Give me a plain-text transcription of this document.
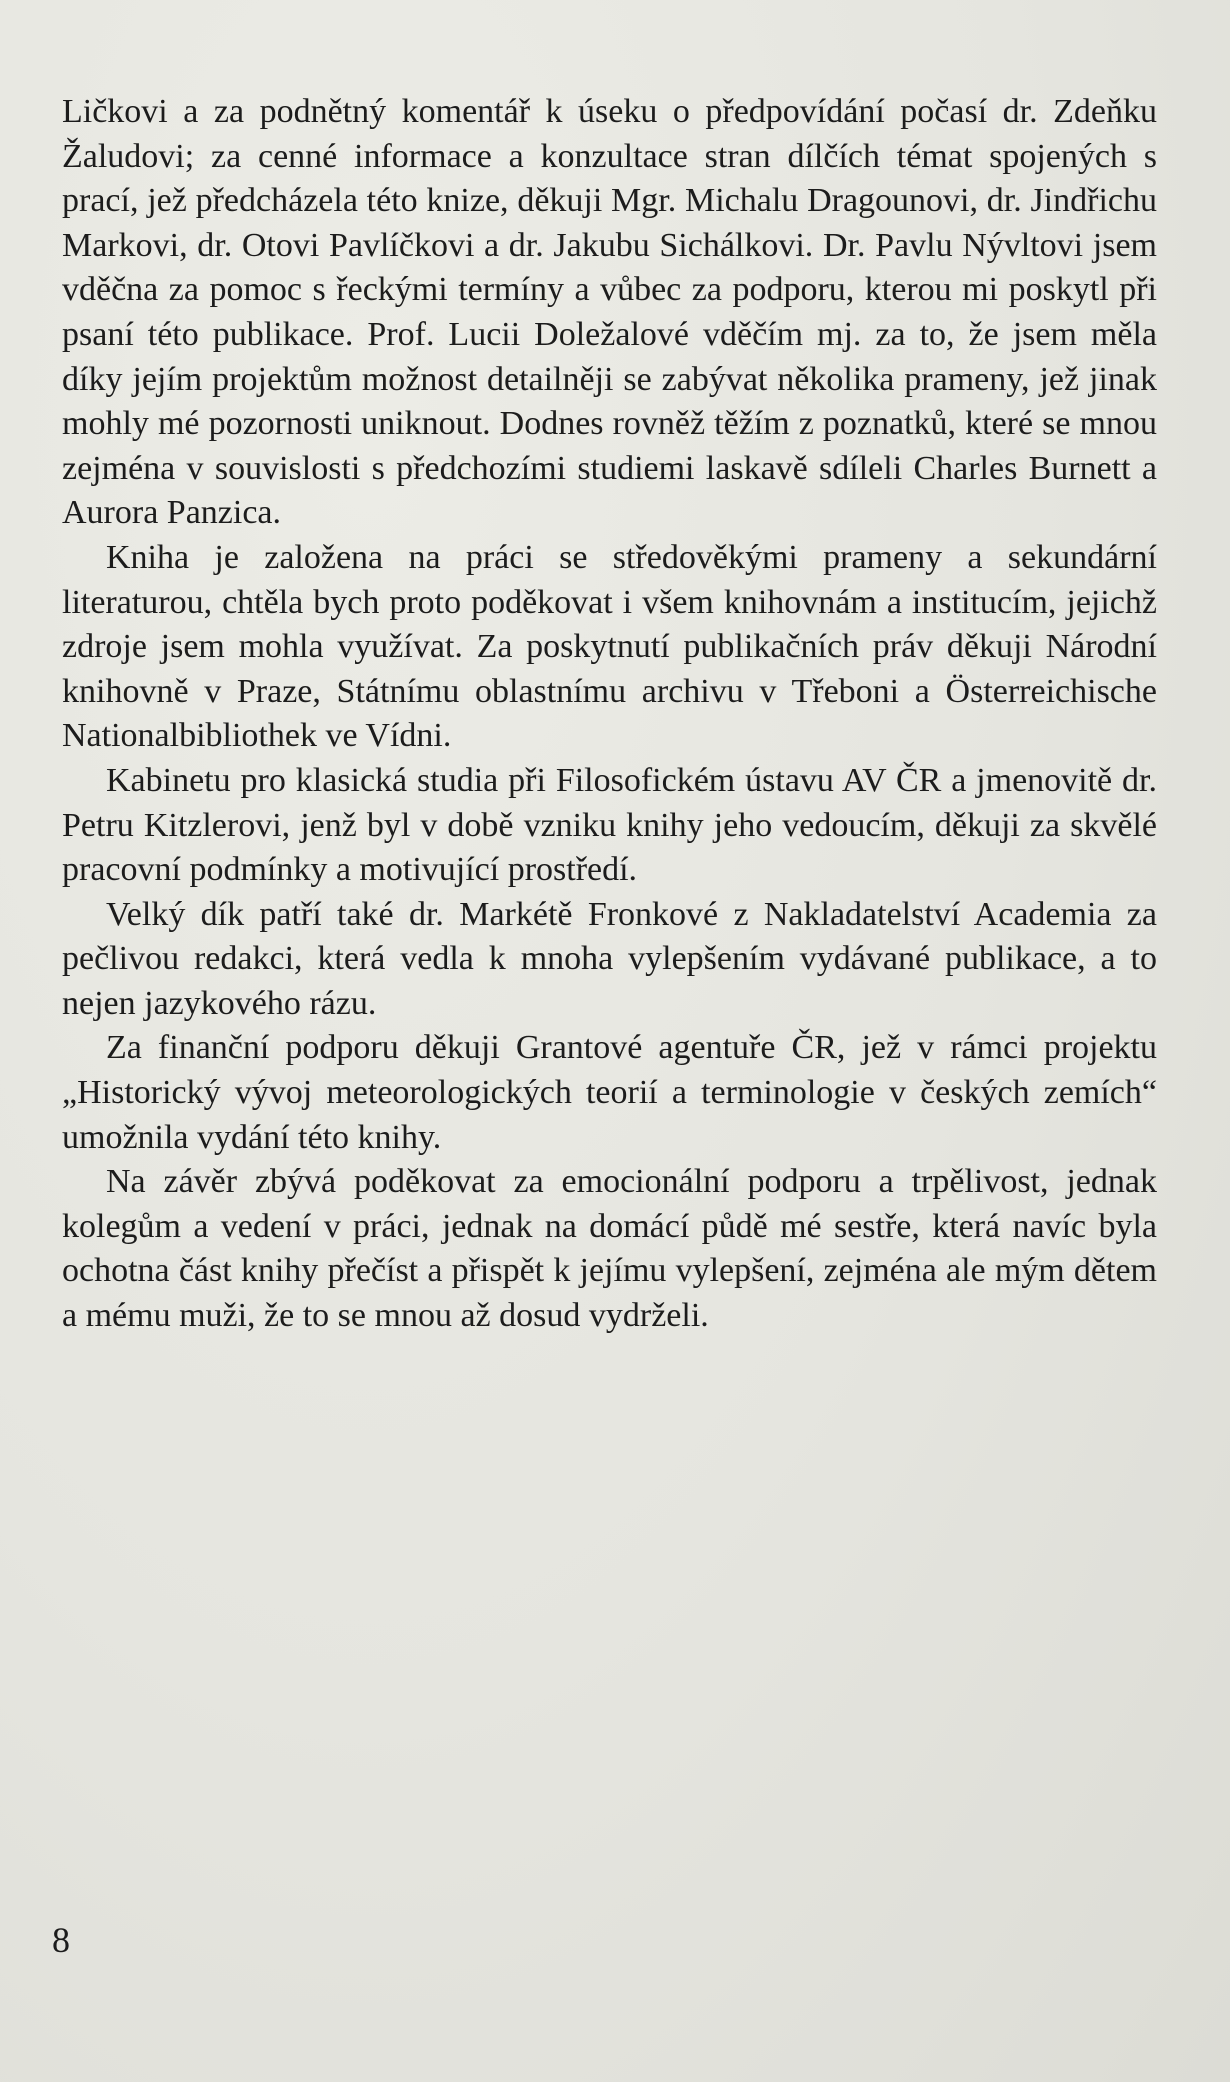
Ličkovi a za podnětný komentář k úseku o předpovídání počasí dr. Zdeňku Žaludovi; za cenné informace a konzultace stran dílčích témat spojených s prací, jež předcházela této knize, děkuji Mgr. Michalu Dragounovi, dr. Jindřichu Markovi, dr. Otovi Pavlíčkovi a dr. Jakubu Sichálkovi. Dr. Pavlu Nývltovi jsem vděčna za pomoc s řeckými termíny a vůbec za podporu, kterou mi poskytl při psaní této publikace. Prof. Lucii Doležalové vděčím mj. za to, že jsem měla díky jejím projektům možnost detailněji se zabývat několika prameny, jež jinak mohly mé pozornosti uniknout. Dodnes rovněž těžím z poznatků, které se mnou zejména v souvislosti s předchozími studiemi laskavě sdíleli Charles Burnett a Aurora Panzica.

Kniha je založena na práci se středověkými prameny a sekundární literaturou, chtěla bych proto poděkovat i všem knihovnám a institucím, jejichž zdroje jsem mohla využívat. Za poskytnutí publikačních práv děkuji Národní knihovně v Praze, Státnímu oblastnímu archivu v Třeboni a Österreichische Nationalbibliothek ve Vídni.

Kabinetu pro klasická studia při Filosofickém ústavu AV ČR a jmenovitě dr. Petru Kitzlerovi, jenž byl v době vzniku knihy jeho vedoucím, děkuji za skvělé pracovní podmínky a motivující prostředí.

Velký dík patří také dr. Markétě Fronkové z Nakladatelství Academia za pečlivou redakci, která vedla k mnoha vylepšením vydávané publikace, a to nejen jazykového rázu.

Za finanční podporu děkuji Grantové agentuře ČR, jež v rámci projektu „Historický vývoj meteorologických teorií a terminologie v českých zemích“ umožnila vydání této knihy.

Na závěr zbývá poděkovat za emocionální podporu a trpělivost, jednak kolegům a vedení v práci, jednak na domácí půdě mé sestře, která navíc byla ochotna část knihy přečíst a přispět k jejímu vylepšení, zejména ale mým dětem a mému muži, že to se mnou až dosud vydrželi.

8
